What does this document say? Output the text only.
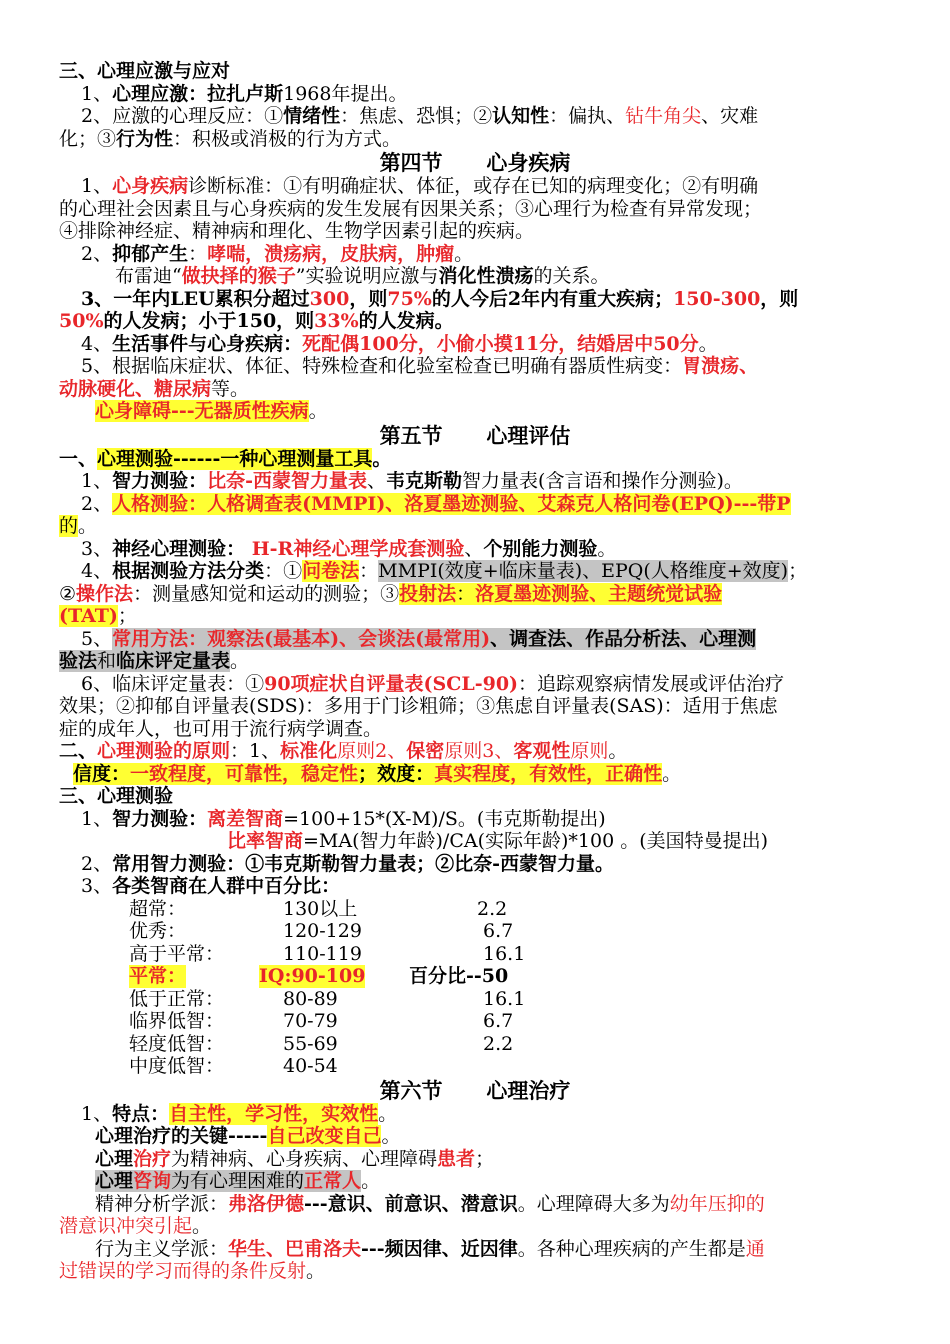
三、心理应激与应对
1、心理应激：拉扎卢斯1968年提出。
2、应激的心理反应：①情绪性：焦虑、恐惧；②认知性：偏执、钻牛角尖、灾难
化；③行为性：积极或消极的行为方式。
第四节      心身疾病
1、心身疾病诊断标准：①有明确症状、体征，或存在已知的病理变化；②有明确
的心理社会因素且与心身疾病的发生发展有因果关系；③心理行为检查有异常发现；
④排除神经症、精神病和理化、生物学因素引起的疾病。
2、抑郁产生：哮喘，溃疡病，皮肤病，肿瘤。
布雷迪“做抉择的猴子”实验说明应激与消化性溃疡的关系。
3、一年内LEU累积分超过300，则75%的人今后2年内有重大疾病；150-300，则
50%的人发病；小于150，则33%的人发病。
4、生活事件与心身疾病：死配偶100分，小偷小摸11分，结婚居中50分。
5、根据临床症状、体征、特殊检查和化验室检查已明确有器质性病变：胃溃疡、
动脉硬化、糖尿病等。
心身障碍---无器质性疾病。
第五节      心理评估
一、心理测验------一种心理测量工具。
1、智力测验：比奈-西蒙智力量表、韦克斯勒智力量表(含言语和操作分测验)。
2、人格测验：人格调查表(MMPI)、洛夏墨迹测验、艾森克人格问卷(EPQ)---带P
的。
3、神经心理测验： H-R神经心理学成套测验、个别能力测验。
4、根据测验方法分类：①问卷法：MMPI(效度+临床量表)、EPQ(人格维度+效度)；
②操作法：测量感知觉和运动的测验；③投射法：洛夏墨迹测验、主题统觉试验
(TAT)；
5、常用方法：观察法(最基本)、会谈法(最常用)、调查法、作品分析法、心理测
验法和临床评定量表。
6、临床评定量表：①90项症状自评量表(SCL-90)：追踪观察病情发展或评估治疗
效果；②抑郁自评量表(SDS)：多用于门诊粗筛；③焦虑自评量表(SAS)：适用于焦虑
症的成年人，也可用于流行病学调查。
二、心理测验的原则：1、标准化原则2、保密原则3、客观性原则。
信度：一致程度，可靠性，稳定性；效度：真实程度，有效性，正确性。
三、心理测验
1、智力测验：离差智商=100+15*(X-M)/S。(韦克斯勒提出)
比率智商=MA(智力年龄)/CA(实际年龄)*100 。(美国特曼提出)
2、常用智力测验：①韦克斯勒智力量表；②比奈-西蒙智力量。
3、各类智商在人群中百分比：
超常：	130以上	2.2
优秀：	120-129	6.7
高于平常：	110-119	16.1
平常：	IQ:90-109 百分比--50
低于正常：	80-89	16.1
临界低智：	70-79	6.7
轻度低智：	55-69	2.2
中度低智：	40-54
第六节      心理治疗
1、特点：自主性，学习性，实效性。
心理治疗的关键-----自己改变自己。
心理治疗为精神病、心身疾病、心理障碍患者；
心理咨询为有心理困难的正常人。
精神分析学派：弗洛伊德---意识、前意识、潜意识。心理障碍大多为幼年压抑的
潜意识冲突引起。
行为主义学派：华生、巴甫洛夫---频因律、近因律。各种心理疾病的产生都是通
过错误的学习而得的条件反射。
